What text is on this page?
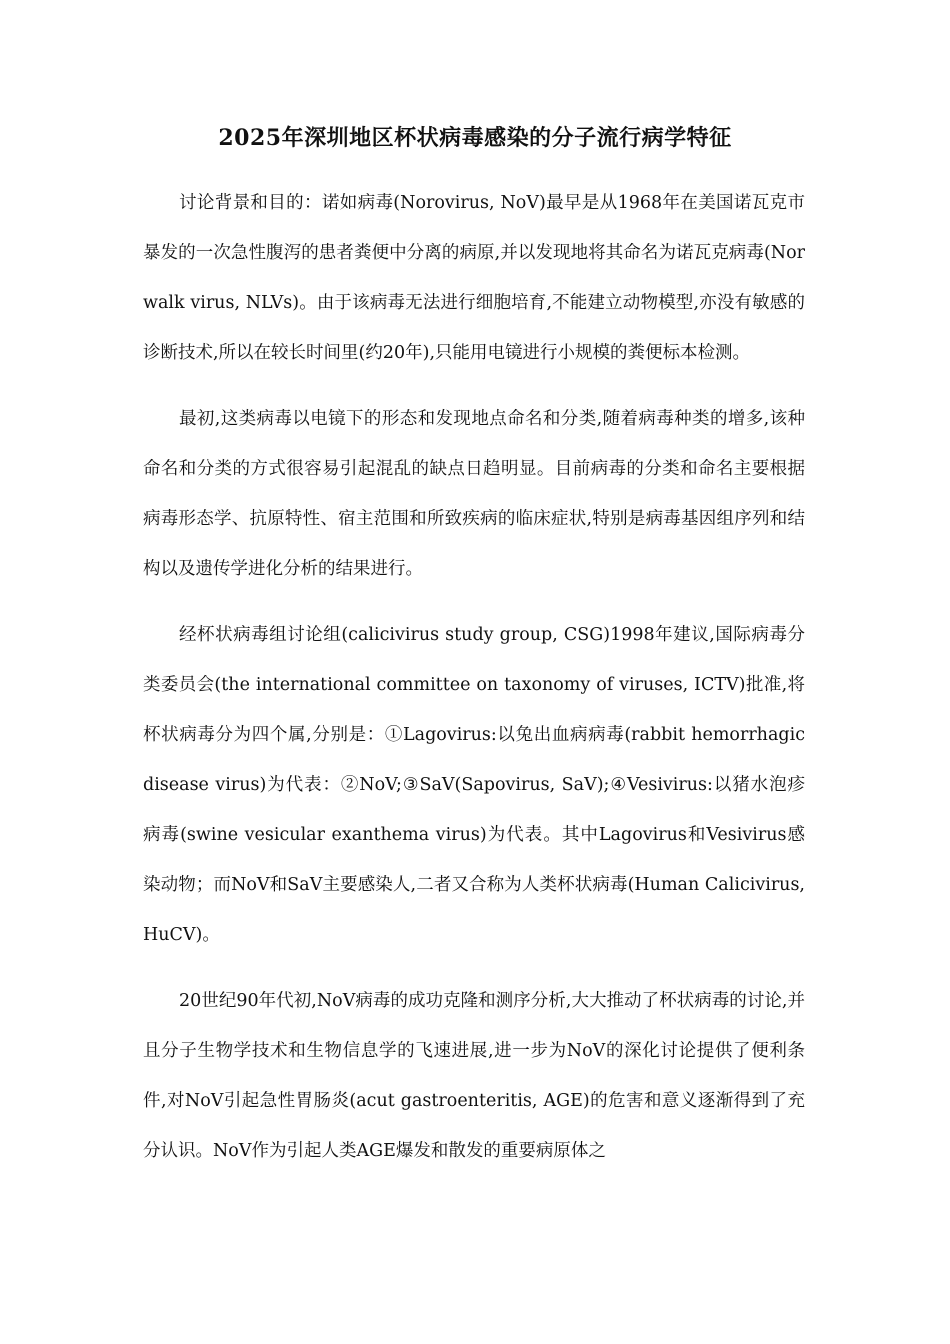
2025年深圳地区杯状病毒感染的分子流行病学特征

讨论背景和目的：诺如病毒(Norovirus, NoV)最早是从1968年在美国诺瓦克市暴发的一次急性腹泻的患者粪便中分离的病原,并以发现地将其命名为诺瓦克病毒(Norwalk virus, NLVs)。由于该病毒无法进行细胞培育,不能建立动物模型,亦没有敏感的诊断技术,所以在较长时间里(约20年),只能用电镜进行小规模的粪便标本检测。

最初,这类病毒以电镜下的形态和发现地点命名和分类,随着病毒种类的增多,该种命名和分类的方式很容易引起混乱的缺点日趋明显。目前病毒的分类和命名主要根据病毒形态学、抗原特性、宿主范围和所致疾病的临床症状,特别是病毒基因组序列和结构以及遗传学进化分析的结果进行。

经杯状病毒组讨论组(calicivirus study group, CSG)1998年建议,国际病毒分类委员会(the international committee on taxonomy of viruses, ICTV)批准,将杯状病毒分为四个属,分别是：①Lagovirus:以兔出血病病毒(rabbit hemorrhagic disease virus)为代表：②NoV;③SaV(Sapovirus, SaV);④Vesivirus:以猪水泡疹病毒(swine vesicular exanthema virus)为代表。其中Lagovirus和Vesivirus感染动物；而NoV和SaV主要感染人,二者又合称为人类杯状病毒(Human Calicivirus, HuCV)。

20世纪90年代初,NoV病毒的成功克隆和测序分析,大大推动了杯状病毒的讨论,并且分子生物学技术和生物信息学的飞速进展,进一步为NoV的深化讨论提供了便利条件,对NoV引起急性胃肠炎(acut gastroenteritis, AGE)的危害和意义逐渐得到了充分认识。NoV作为引起人类AGE爆发和散发的重要病原体之
